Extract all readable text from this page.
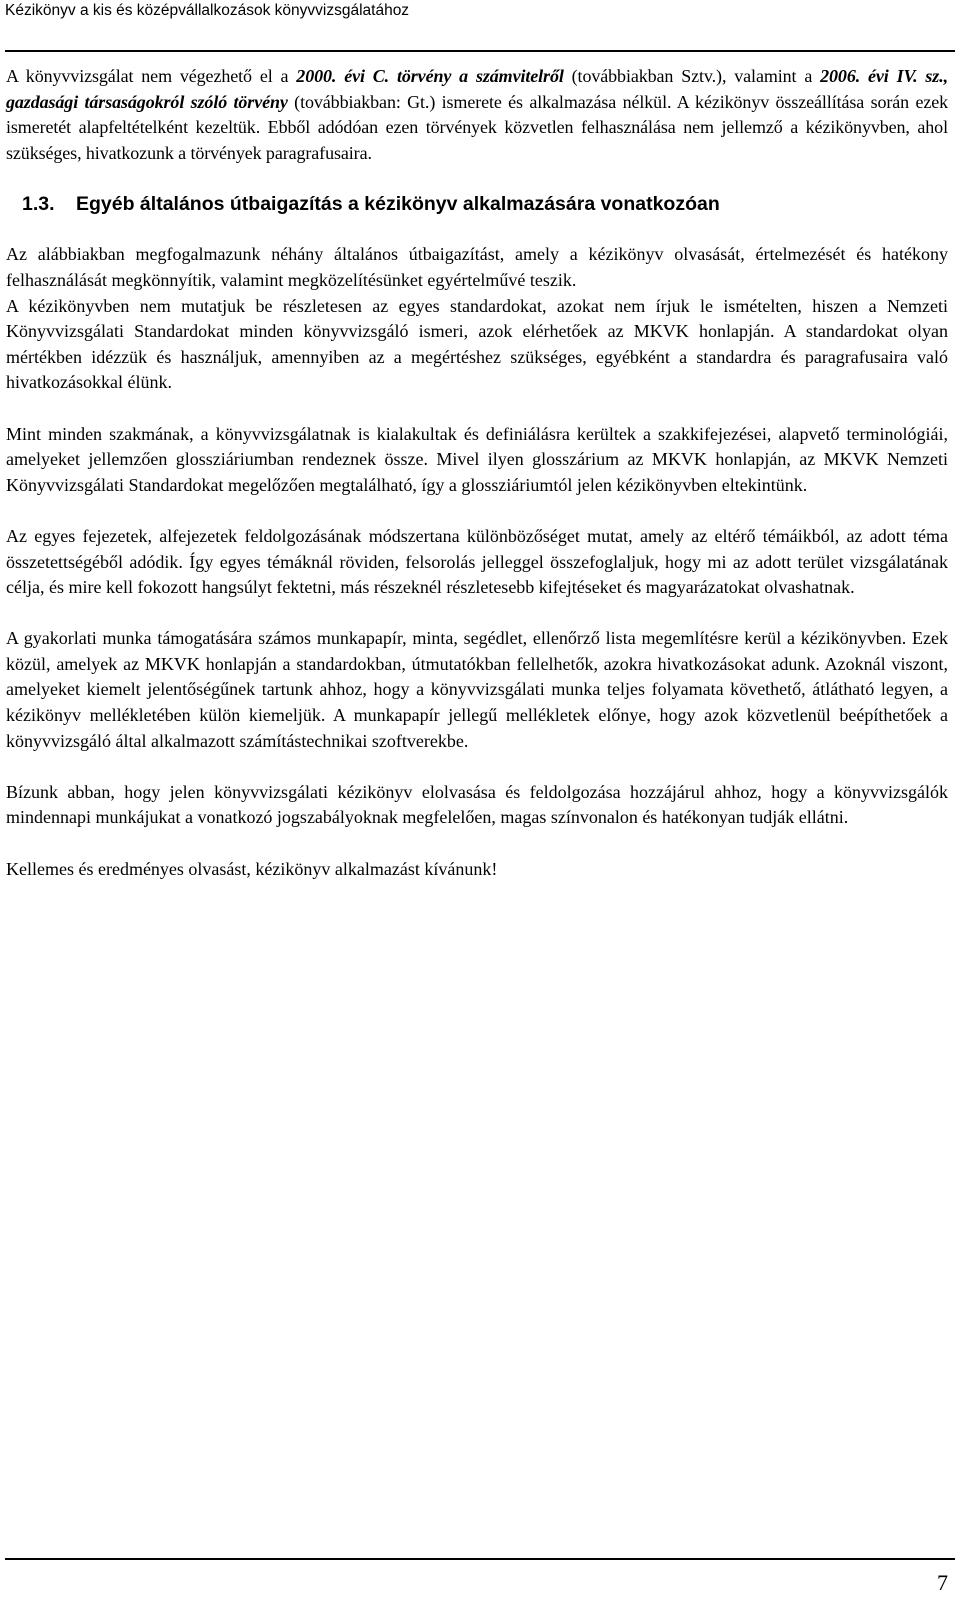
Kézikönyv a kis és középvállalkozások könyvvizsgálatához

A könyvvizsgálat nem végezhető el a 2000. évi C. törvény a számvitelről (továbbiakban Sztv.), valamint a 2006. évi IV. sz., gazdasági társaságokról szóló törvény (továbbiakban: Gt.) ismerete és alkalmazása nélkül. A kézikönyv összeállítása során ezek ismeretét alapfeltételként kezeltük. Ebből adódóan ezen törvények közvetlen felhasználása nem jellemző a kézikönyvben, ahol szükséges, hivatkozunk a törvények paragrafusaira.

1.3. Egyéb általános útbaigazítás a kézikönyv alkalmazására vonatkozóan

Az alábbiakban megfogalmazunk néhány általános útbaigazítást, amely a kézikönyv olvasását, értelmezését és hatékony felhasználását megkönnyítik, valamint megközelítésünket egyértelművé teszik.

A kézikönyvben nem mutatjuk be részletesen az egyes standardokat, azokat nem írjuk le ismételten, hiszen a Nemzeti Könyvvizsgálati Standardokat minden könyvvizsgáló ismeri, azok elérhetőek az MKVK honlapján. A standardokat olyan mértékben idézzük és használjuk, amennyiben az a megértéshez szükséges, egyébként a standardra és paragrafusaira való hivatkozásokkal élünk.

Mint minden szakmának, a könyvvizsgálatnak is kialakultak és definiálásra kerültek a szakkifejezései, alapvető terminológiái, amelyeket jellemzően glossziáriumban rendeznek össze. Mivel ilyen glosszárium az MKVK honlapján, az MKVK Nemzeti Könyvvizsgálati Standardokat megelőzően megtalálható, így a glossziáriumtól jelen kézikönyvben eltekintünk.

Az egyes fejezetek, alfejezetek feldolgozásának módszertana különbözőséget mutat, amely az eltérő témáikból, az adott téma összetettségéből adódik. Így egyes témáknál röviden, felsorolás jelleggel összefoglaljuk, hogy mi az adott terület vizsgálatának célja, és mire kell fokozott hangsúlyt fektetni, más részeknél részletesebb kifejtéseket és magyarázatokat olvashatnak.

A gyakorlati munka támogatására számos munkapapír, minta, segédlet, ellenőrző lista megemlítésre kerül a kézikönyvben. Ezek közül, amelyek az MKVK honlapján a standardokban, útmutatókban fellelhetők, azokra hivatkozásokat adunk. Azoknál viszont, amelyeket kiemelt jelentőségűnek tartunk ahhoz, hogy a könyvvizsgálati munka teljes folyamata követhető, átlátható legyen, a kézikönyv mellékletében külön kiemeljük. A munkapapír jellegű mellékletek előnye, hogy azok közvetlenül beépíthetőek a könyvvizsgáló által alkalmazott számítástechnikai szoftverekbe.

Bízunk abban, hogy jelen könyvvizsgálati kézikönyv elolvasása és feldolgozása hozzájárul ahhoz, hogy a könyvvizsgálók mindennapi munkájukat a vonatkozó jogszabályoknak megfelelően, magas színvonalon és hatékonyan tudják ellátni.

Kellemes és eredményes olvasást, kézikönyv alkalmazást kívánunk!

7
